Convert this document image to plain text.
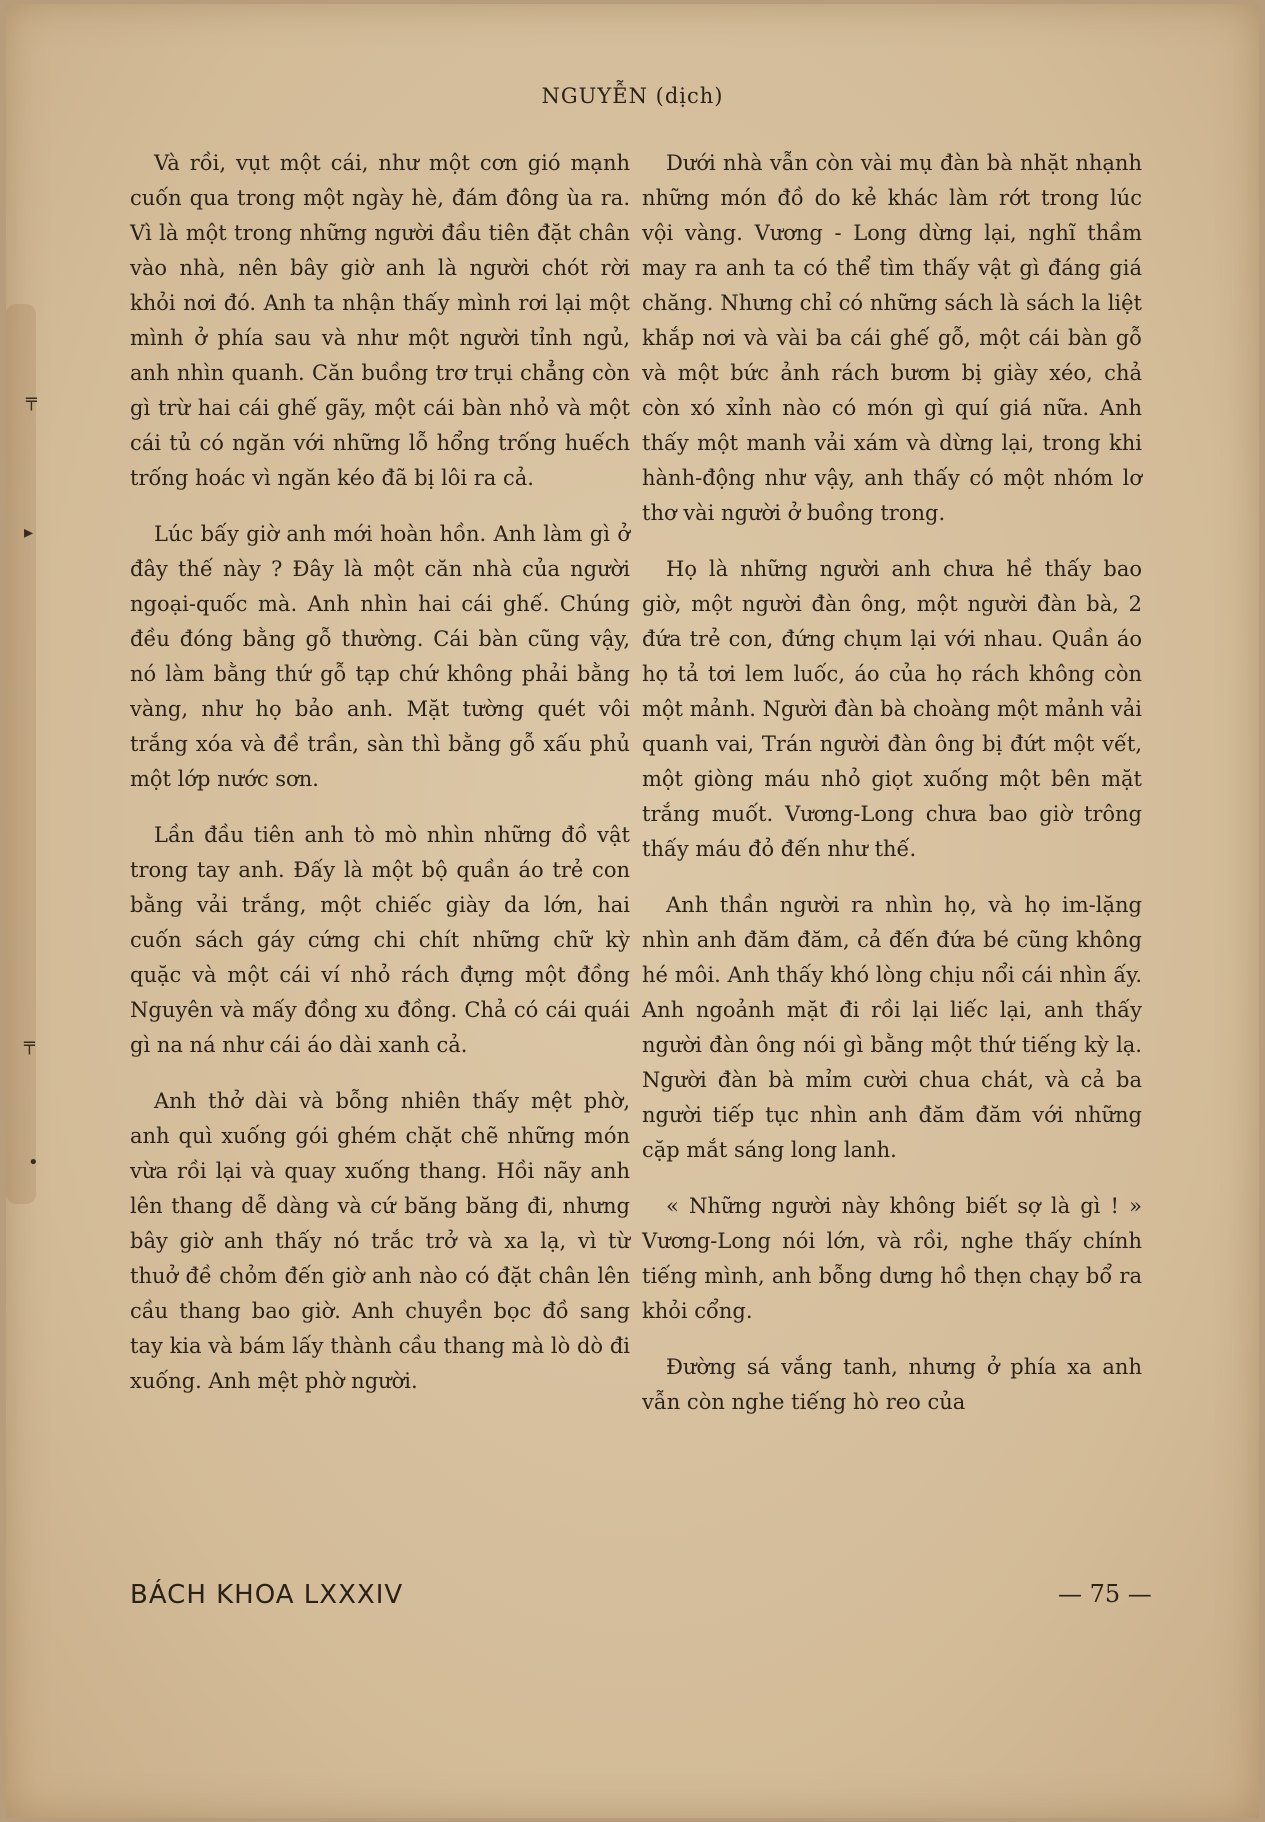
╤
▸
╤
•
NGUYỄN (dịch)

Và rồi, vụt một cái, như một cơn gió mạnh cuốn qua trong một ngày hè, đám đông ùa ra. Vì là một trong những người đầu tiên đặt chân vào nhà, nên bây giờ anh là người chót rời khỏi nơi đó. Anh ta nhận thấy mình rơi lại một mình ở phía sau và như một người tỉnh ngủ, anh nhìn quanh. Căn buồng trơ trụi chẳng còn gì trừ hai cái ghế gãy, một cái bàn nhỏ và một cái tủ có ngăn với những lỗ hổng trống huếch trống hoác vì ngăn kéo đã bị lôi ra cả.

Lúc bấy giờ anh mới hoàn hồn. Anh làm gì ở đây thế này ? Đây là một căn nhà của người ngoại-quốc mà. Anh nhìn hai cái ghế. Chúng đều đóng bằng gỗ thường. Cái bàn cũng vậy, nó làm bằng thứ gỗ tạp chứ không phải bằng vàng, như họ bảo anh. Mặt tường quét vôi trắng xóa và đề trần, sàn thì bằng gỗ xấu phủ một lớp nước sơn.

Lần đầu tiên anh tò mò nhìn những đồ vật trong tay anh. Đấy là một bộ quần áo trẻ con bằng vải trắng, một chiếc giày da lớn, hai cuốn sách gáy cứng chi chít những chữ kỳ quặc và một cái ví nhỏ rách đựng một đồng Nguyên và mấy đồng xu đồng. Chả có cái quái gì na ná như cái áo dài xanh cả.

Anh thở dài và bỗng nhiên thấy mệt phờ, anh quì xuống gói ghém chặt chẽ những món vừa rồi lại và quay xuống thang. Hồi nãy anh lên thang dễ dàng và cứ băng băng đi, nhưng bây giờ anh thấy nó trắc trở và xa lạ, vì từ thuở đề chỏm đến giờ anh nào có đặt chân lên cầu thang bao giờ. Anh chuyền bọc đồ sang tay kia và bám lấy thành cầu thang mà lò dò đi xuống. Anh mệt phờ người.

Dưới nhà vẫn còn vài mụ đàn bà nhặt nhạnh những món đồ do kẻ khác làm rớt trong lúc vội vàng. Vương - Long dừng lại, nghĩ thầm may ra anh ta có thể tìm thấy vật gì đáng giá chăng. Nhưng chỉ có những sách là sách la liệt khắp nơi và vài ba cái ghế gỗ, một cái bàn gỗ và một bức ảnh rách bươm bị giày xéo, chả còn xó xỉnh nào có món gì quí giá nữa. Anh thấy một manh vải xám và dừng lại, trong khi hành-động như vậy, anh thấy có một nhóm lơ thơ vài người ở buồng trong.

Họ là những người anh chưa hề thấy bao giờ, một người đàn ông, một người đàn bà, 2 đứa trẻ con, đứng chụm lại với nhau. Quần áo họ tả tơi lem luốc, áo của họ rách không còn một mảnh. Người đàn bà choàng một mảnh vải quanh vai, Trán người đàn ông bị đứt một vết, một giòng máu nhỏ giọt xuống một bên mặt trắng muốt. Vương-Long chưa bao giờ trông thấy máu đỏ đến như thế.

Anh thần người ra nhìn họ, và họ im-lặng nhìn anh đăm đăm, cả đến đứa bé cũng không hé môi. Anh thấy khó lòng chịu nổi cái nhìn ấy. Anh ngoảnh mặt đi rồi lại liếc lại, anh thấy người đàn ông nói gì bằng một thứ tiếng kỳ lạ. Người đàn bà mỉm cười chua chát, và cả ba người tiếp tục nhìn anh đăm đăm với những cặp mắt sáng long lanh.

« Những người này không biết sợ là gì ! » Vương-Long nói lớn, và rồi, nghe thấy chính tiếng mình, anh bỗng dưng hồ thẹn chạy bổ ra khỏi cổng.

Đường sá vắng tanh, nhưng ở phía xa anh vẫn còn nghe tiếng hò reo của

BÁCH KHOA LXXXIV	— 75 —
